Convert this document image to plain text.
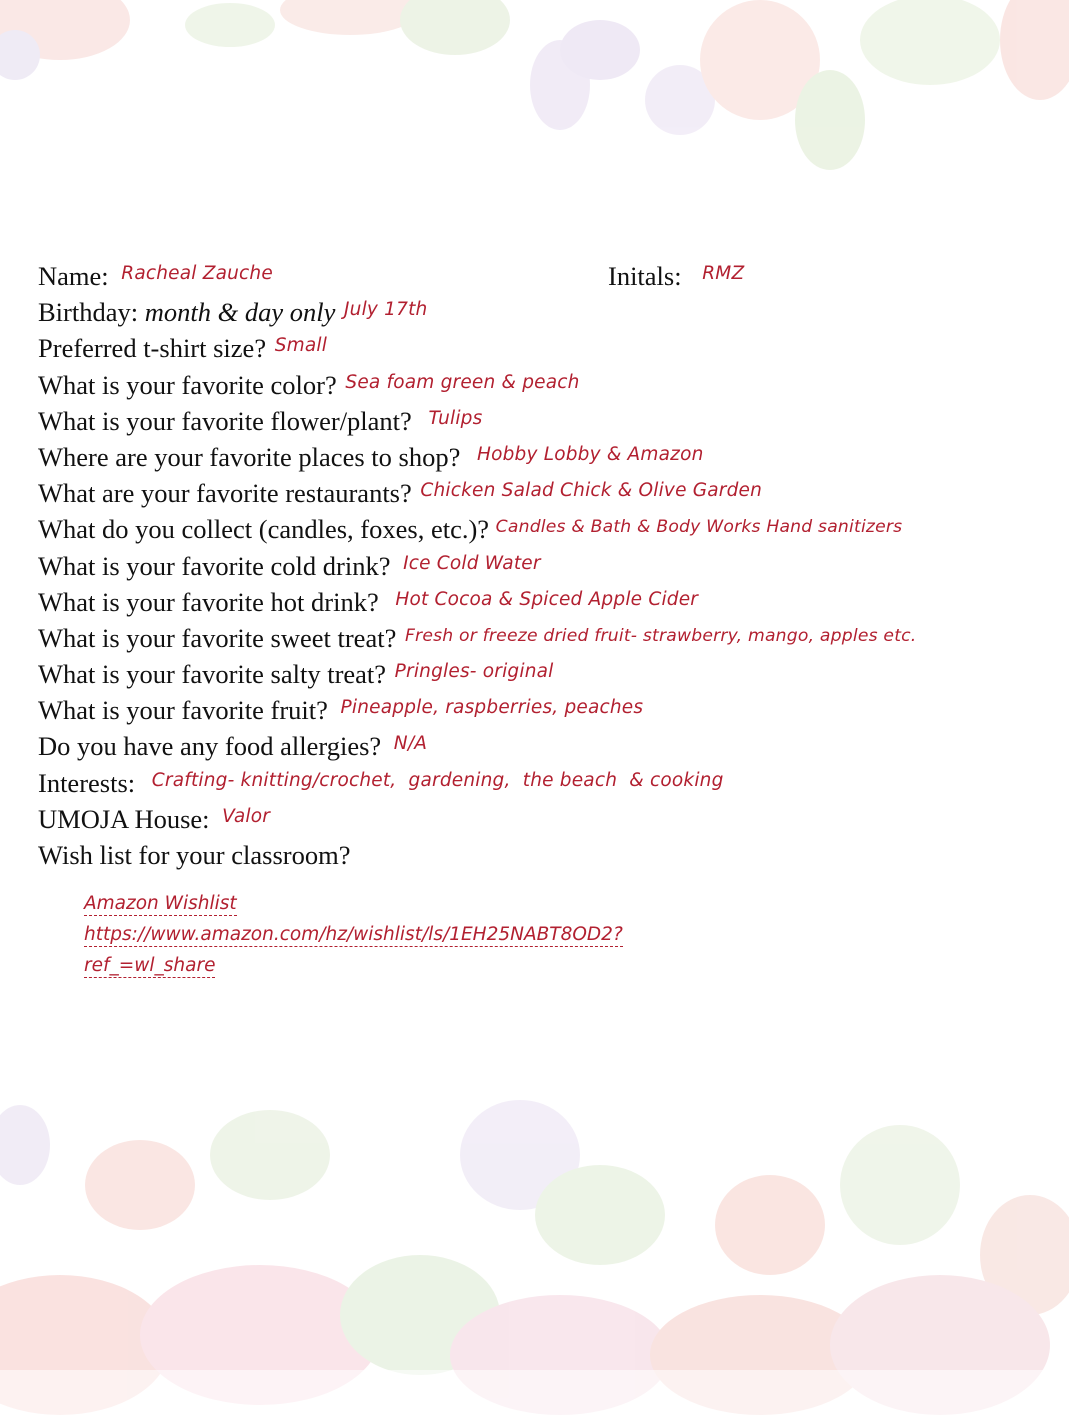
Name: $^{Racheal Zauche}$	Initals: $^{RMZ}$
Birthday: month & day only $^{July 17th}$
Preferred t-shirt size? $^{Small}$
What is your favorite color? $^{Sea foam green \& peach}$
What is your favorite flower/plant? $^{Tulips}$
Where are your favorite places to shop? $^{Hobby Lobby \& Amazon}$
What are your favorite restaurants? $^{Chicken Salad Chick \& Olive Garden}$
What do you collect (candles, foxes, etc.)? $^{Candles \& Bath \& Body Works Hand sanitizers}$
What is your favorite cold drink? $^{Ice Cold Water}$
What is your favorite hot drink? $^{Hot Cocoa \& Spiced Apple Cider}$
What is your favorite sweet treat? $^{Fresh or freeze dried fruit- strawberry, mango, apples etc.}$
What is your favorite salty treat? $^{Pringles- original}$
What is your favorite fruit? $^{Pineapple, raspberries, peaches}$
Do you have any food allergies? $^{N/A}$
Interests: $^{Crafting- knitting/crochet, gardening, the beach \& cooking}$
UMOJA House: $^{Valor}$
Wish list for your classroom?
Amazon Wishlist
https://www.amazon.com/hz/wishlist/ls/1EH25NABT8OD2?
ref_=wl_share
